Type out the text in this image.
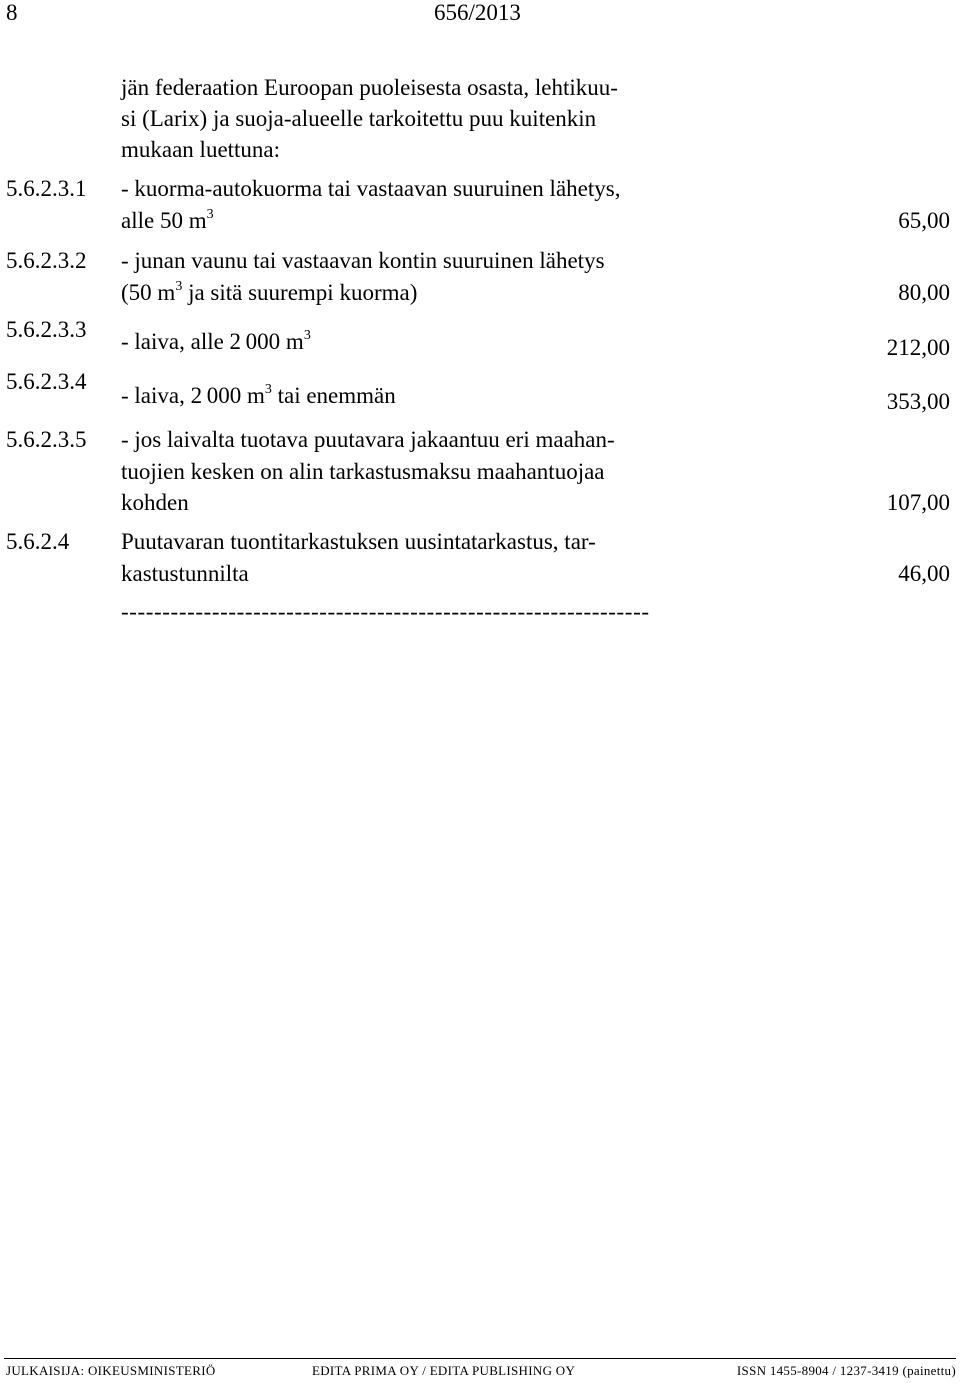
8	656/2013
jän federaation Euroopan puoleisesta osasta, lehtikuu-
si (Larix) ja suoja-alueelle tarkoitettu puu kuitenkin
mukaan luettuna:
5.6.2.3.1 - kuorma-autokuorma tai vastaavan suuruinen lähetys,
alle 50 $m^3$	65,00
5.6.2.3.2 - junan vaunu tai vastaavan kontin suuruinen lähetys
(50 $m^3$ ja sitä suurempi kuorma)	80,00
5.6.2.3.3 - laiva, alle 2 000 $m^3$	212,00
5.6.2.3.4
- laiva, 2 000 $m^3$ tai enemmän	353,00
5.6.2.3.5 - jos laivalta tuotava puutavara jakaantuu eri maahan-
tuojien kesken on alin tarkastusmaksu maahantuojaa
kohden	107,00
5.6.2.4 Puutavaran tuontitarkastuksen uusintatarkastus, tar-
kastustunnilta	46,00
----------------------------------------------------------------
JULKAISIJA: OIKEUSMINISTERIÖ	EDITA PRIMA OY / EDITA PUBLISHING OY	ISSN 1455-8904 / 1237-3419 (painettu)
